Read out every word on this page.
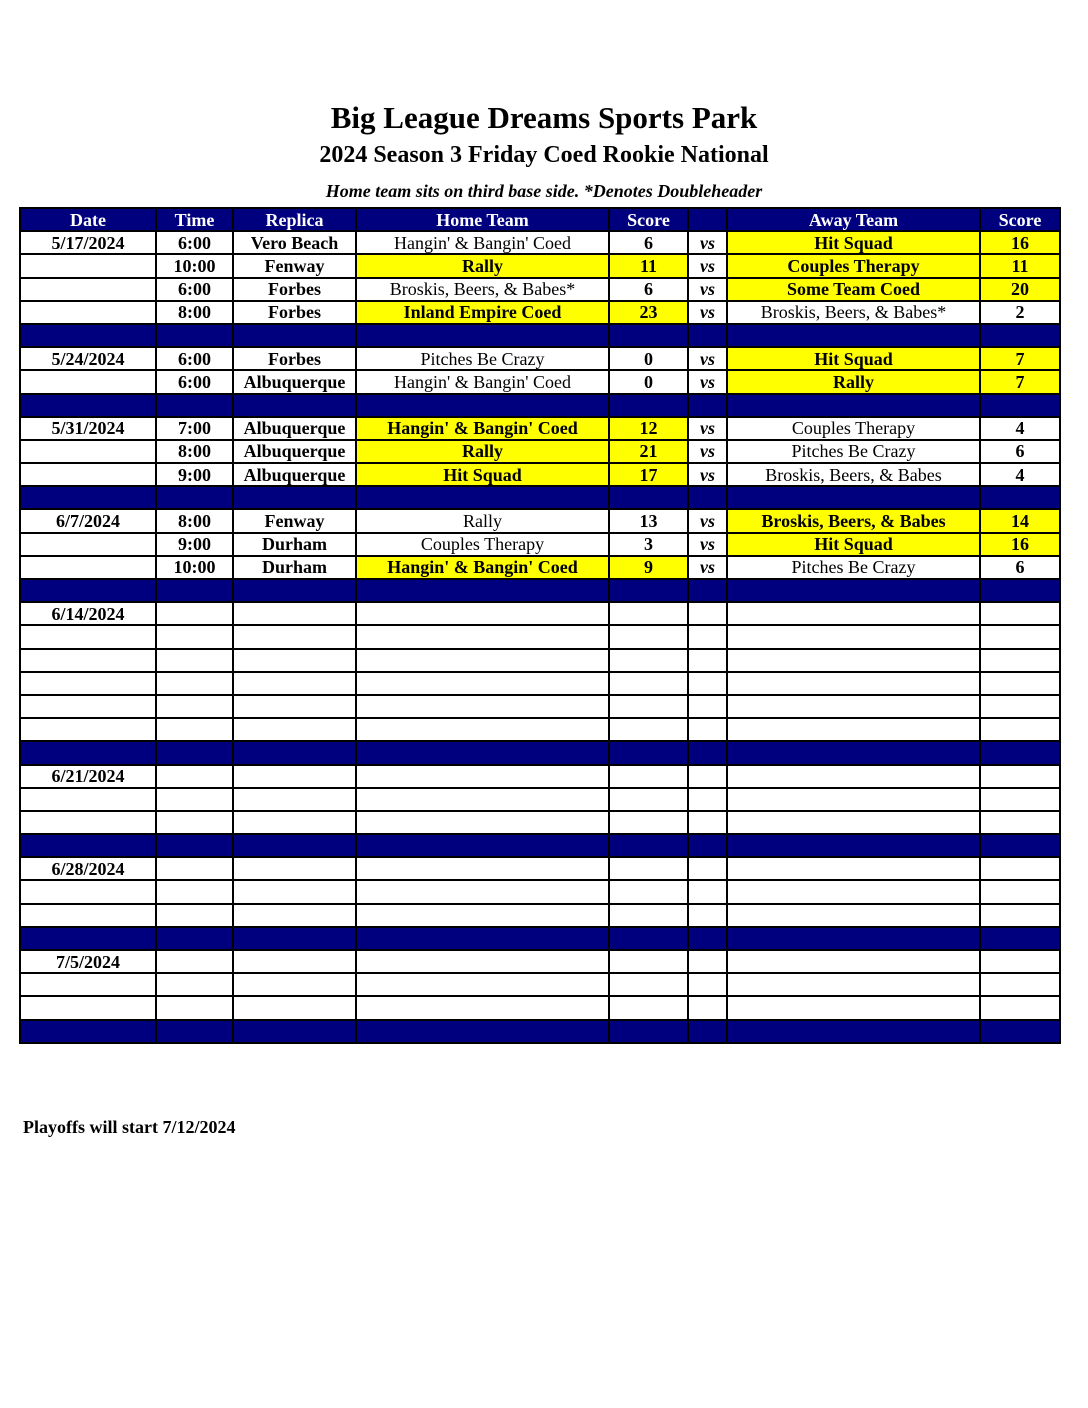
Big League Dreams Sports Park
2024 Season 3 Friday Coed Rookie National
Home team sits on third base side. *Denotes Doubleheader
Date	Time	Replica	Home Team	Score		Away Team	Score
5/17/2024	6:00	Vero Beach	Hangin' & Bangin' Coed	6	vs	Hit Squad	16
	10:00	Fenway	Rally	11	vs	Couples Therapy	11
	6:00	Forbes	Broskis, Beers, & Babes*	6	vs	Some Team Coed	20
	8:00	Forbes	Inland Empire Coed	23	vs	Broskis, Beers, & Babes*	2

5/24/2024	6:00	Forbes	Pitches Be Crazy	0	vs	Hit Squad	7
	6:00	Albuquerque	Hangin' & Bangin' Coed	0	vs	Rally	7

5/31/2024	7:00	Albuquerque	Hangin' & Bangin' Coed	12	vs	Couples Therapy	4
	8:00	Albuquerque	Rally	21	vs	Pitches Be Crazy	6
	9:00	Albuquerque	Hit Squad	17	vs	Broskis, Beers, & Babes	4

6/7/2024	8:00	Fenway	Rally	13	vs	Broskis, Beers, & Babes	14
	9:00	Durham	Couples Therapy	3	vs	Hit Squad	16
	10:00	Durham	Hangin' & Bangin' Coed	9	vs	Pitches Be Crazy	6

6/14/2024							

6/21/2024							

6/28/2024							

7/5/2024							

Playoffs will start 7/12/2024
